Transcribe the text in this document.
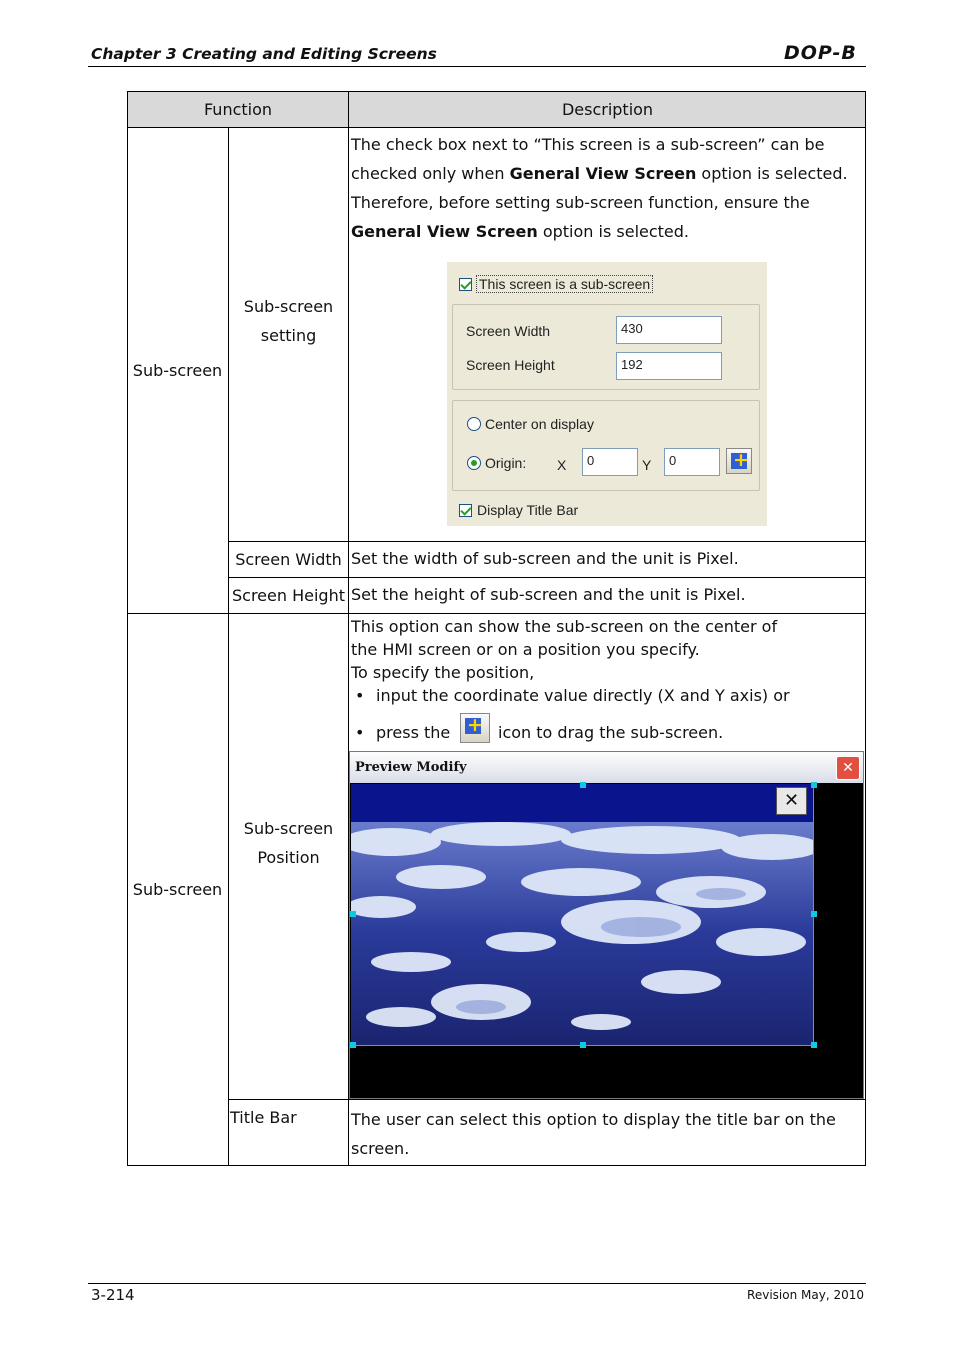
Chapter 3 Creating and Editing Screens	DOP-B
Function	Description
Sub-screen
Sub-screen
Sub-screen
setting
The check box next to “This screen is a sub-screen” can be
checked only when General View Screen option is selected.
Therefore, before setting sub-screen function, ensure the
General View Screen option is selected.
This screen is a sub-screen
Screen Width	430
Screen Height	192
Center on display
Origin: X	0	Y	0
+
Display Title Bar
Screen Width Set the width of sub-screen and the unit is Pixel.
Screen Height Set the height of sub-screen and the unit is Pixel.
Sub-screen
Position
This option can show the sub-screen on the center of
the HMI screen or on a position you specify.
To specify the position,
• input the coordinate value directly (X and Y axis) or
• press the
+	icon to drag the sub-screen.
Preview Modify	✕
✕
Title Bar	The user can select this option to display the title bar on the
screen.
3-214	Revision May, 2010
